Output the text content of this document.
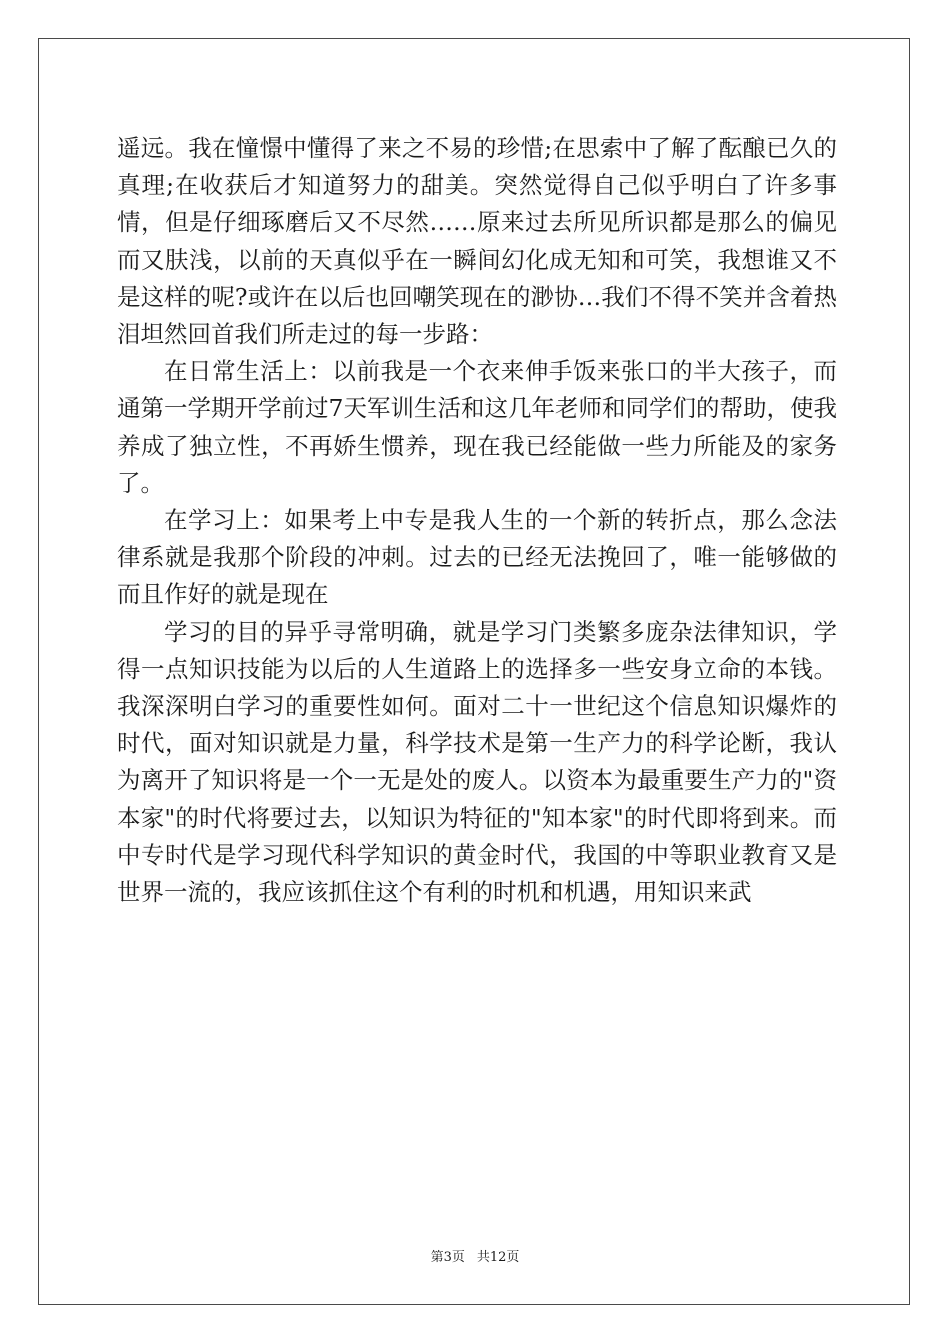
遥远。我在憧憬中懂得了来之不易的珍惜;在思索中了解了酝酿已久的真理;在收获后才知道努力的甜美。突然觉得自己似乎明白了许多事情，但是仔细琢磨后又不尽然……原来过去所见所识都是那么的偏见而又肤浅，以前的天真似乎在一瞬间幻化成无知和可笑，我想谁又不是这样的呢?或许在以后也回嘲笑现在的渺协…我们不得不笑并含着热泪坦然回首我们所走过的每一步路：

在日常生活上：以前我是一个衣来伸手饭来张口的半大孩子，而通第一学期开学前过7天军训生活和这几年老师和同学们的帮助，使我养成了独立性，不再娇生惯养，现在我已经能做一些力所能及的家务了。

在学习上：如果考上中专是我人生的一个新的转折点，那么念法律系就是我那个阶段的冲刺。过去的已经无法挽回了，唯一能够做的而且作好的就是现在

学习的目的异乎寻常明确，就是学习门类繁多庞杂法律知识，学得一点知识技能为以后的人生道路上的选择多一些安身立命的本钱。我深深明白学习的重要性如何。面对二十一世纪这个信息知识爆炸的时代，面对知识就是力量，科学技术是第一生产力的科学论断，我认为离开了知识将是一个一无是处的废人。以资本为最重要生产力的"资本家"的时代将要过去，以知识为特征的"知本家"的时代即将到来。而中专时代是学习现代科学知识的黄金时代，我国的中等职业教育又是世界一流的，我应该抓住这个有利的时机和机遇，用知识来武

第3页 共12页
